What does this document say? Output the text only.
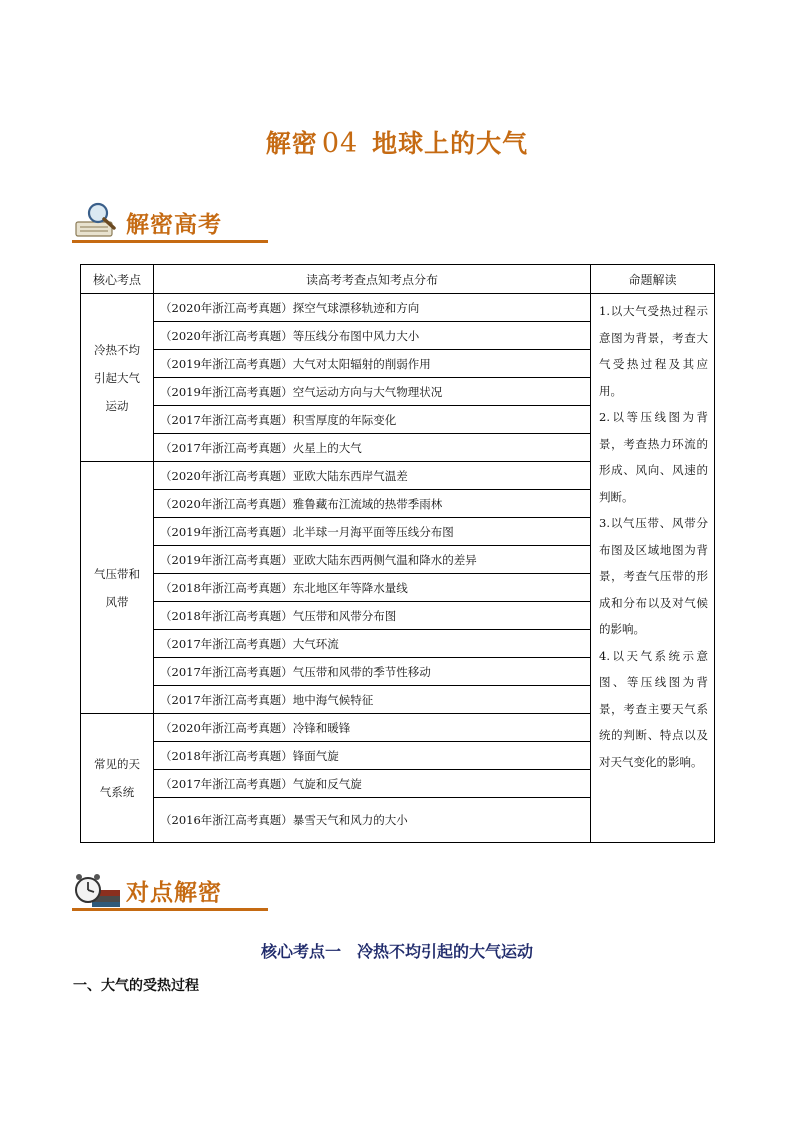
解密 04 地球上的大气
解密高考
核心考点	读高考考查点知考点分布	命题解读
冷热不均引起大气运动	（2020年浙江高考真题）探空气球漂移轨迹和方向	1.以大气受热过程示意图为背景，考查大气受热过程及其应用。

2.以等压线图为背景，考查热力环流的形成、风向、风速的判断。

3.以气压带、风带分布图及区域地图为背景，考查气压带的形成和分布以及对气候的影响。

4.以天气系统示意图、等压线图为背景，考查主要天气系统的判断、特点以及对天气变化的影响。

	（2020年浙江高考真题）等压线分布图中风力大小	
	（2019年浙江高考真题）大气对太阳辐射的削弱作用	
	（2019年浙江高考真题）空气运动方向与大气物理状况	
	（2017年浙江高考真题）积雪厚度的年际变化	
	（2017年浙江高考真题）火星上的大气	
气压带和风带	（2020年浙江高考真题）亚欧大陆东西岸气温差	
	（2020年浙江高考真题）雅鲁藏布江流域的热带季雨林	
	（2019年浙江高考真题）北半球一月海平面等压线分布图	
	（2019年浙江高考真题）亚欧大陆东西两侧气温和降水的差异	
	（2018年浙江高考真题）东北地区年等降水量线	
	（2018年浙江高考真题）气压带和风带分布图	
	（2017年浙江高考真题）大气环流	
	（2017年浙江高考真题）气压带和风带的季节性移动	
	（2017年浙江高考真题）地中海气候特征	
常见的天气系统	（2020年浙江高考真题）冷锋和暖锋	
	（2018年浙江高考真题）锋面气旋	
	（2017年浙江高考真题）气旋和反气旋	
	（2016年浙江高考真题）暴雪天气和风力的大小	
对点解密
核心考点一　冷热不均引起的大气运动
一、大气的受热过程
